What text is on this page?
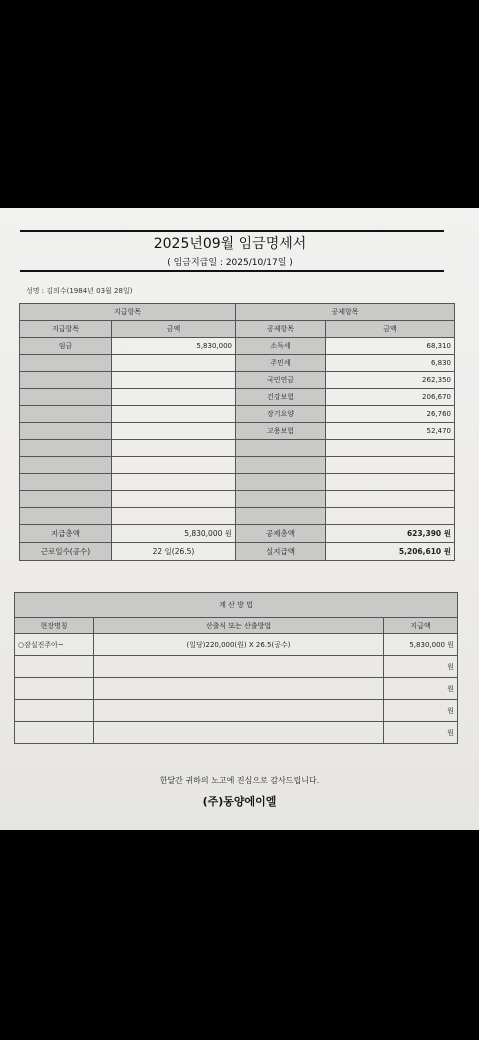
2025년09월 임금명세서
( 임금지급일 : 2025/10/17일 )
성명 : 김의수(1984년 03월 28일)
지급항목		공제항목	
지급항목	금액	공제항목	금액
임금	5,830,000	소득세	68,310
		주민세	6,830
		국민연금	262,350
		건강보험	206,670
		장기요양	26,760
		고용보험	52,470

지급총액	5,830,000 원	공제총액	623,390 원
근로일수(공수)	22 일(26.5)	실지급액	5,206,610 원
계 산 방 법		
현장명칭	산출식 또는 산출방법	지급액
○잠실진주아~	(일당)220,000(원) X 26.5(공수)	5,830,000 원
		원
		원
		원
		원
한달간 귀하의 노고에 진심으로 감사드립니다.
(주)동양에이엘
